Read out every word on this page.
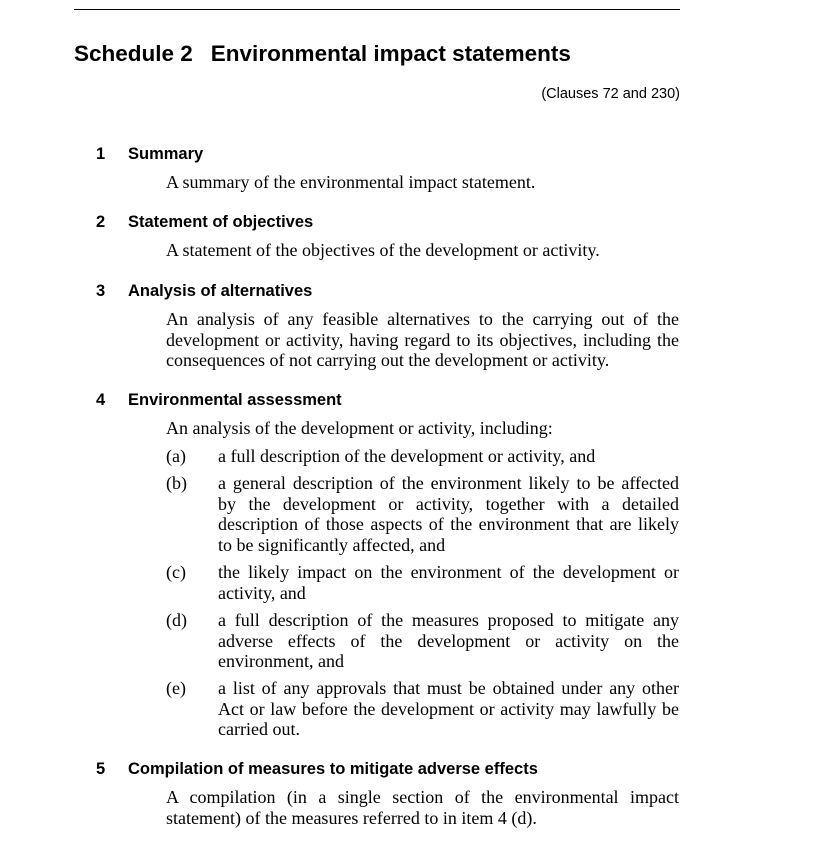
Schedule 2 Environmental impact statements
(Clauses 72 and 230)
1 Summary

A summary of the environmental impact statement.

2 Statement of objectives

A statement of the objectives of the development or activity.

3 Analysis of alternatives

An analysis of any feasible alternatives to the carrying out of the development or activity, having regard to its objectives, including the consequences of not carrying out the development or activity.

4 Environmental assessment

An analysis of the development or activity, including:

(a)	a full description of the development or activity, and

(b)	a general description of the environment likely to be affected by the development or activity, together with a detailed description of those aspects of the environment that are likely to be significantly affected, and

(c)	the likely impact on the environment of the development or activity, and

(d)	a full description of the measures proposed to mitigate any adverse effects of the development or activity on the environment, and

(e)	a list of any approvals that must be obtained under any other Act or law before the development or activity may lawfully be carried out.

5 Compilation of measures to mitigate adverse effects

A compilation (in a single section of the environmental impact statement) of the measures referred to in item 4 (d).
